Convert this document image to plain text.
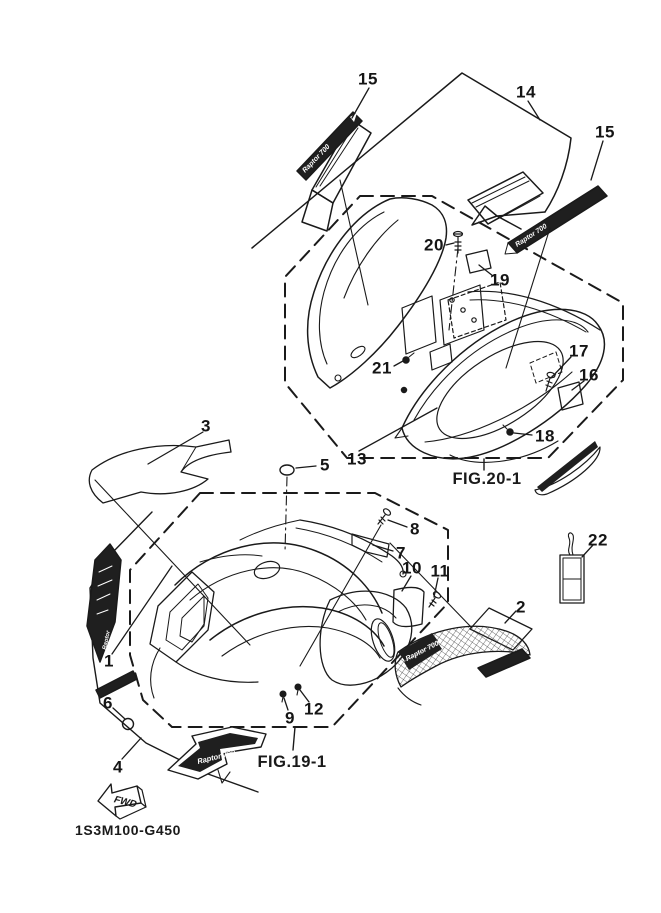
Raptor 700
Raptor 700
Raptor
Raptor 700
Raptor 700
FWD
1
2
3
4
5
6
7
8
9
10 11
12
13
14
15
15
16
17
18
19
20
21
22
FIG.20-1
FIG.19-1
1S3M100-G450
